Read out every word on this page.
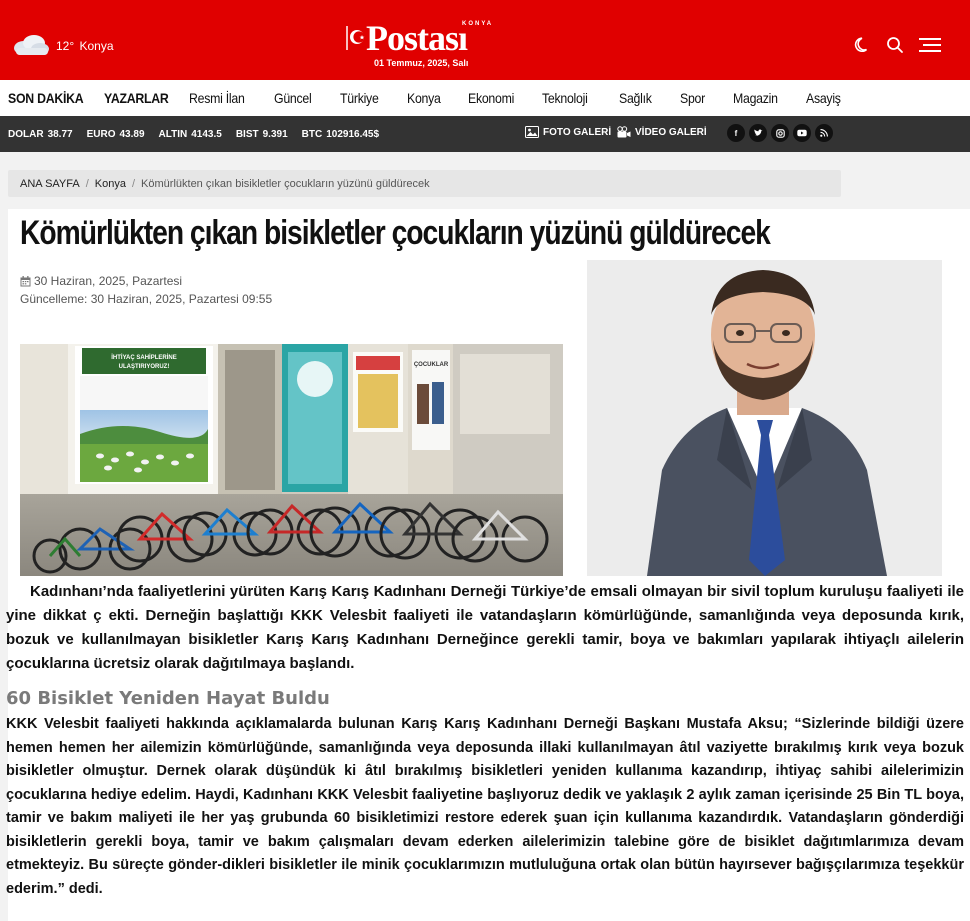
12° Konya	Postası
KONYA
01 Temmuz, 2025, Salı
SON DAKİKA YAZARLAR Resmi İlan Güncel Türkiye Konya Ekonomi Teknoloji Sağlık Spor Magazin Asayiş
DOLAR 38.77 EURO 43.89 ALTIN 4143.5 BIST 9.391 BTC 102916.45$	FOTO GALERİ VİDEO GALERİ	f
ANA SAYFA / Konya / Kömürlükten çıkan bisikletler çocukların yüzünü güldürecek
Kömürlükten çıkan bisikletler çocukların yüzünü güldürecek
30 Haziran, 2025, Pazartesi
Güncelleme: 30 Haziran, 2025, Pazartesi 09:55
İHTİYAÇ SAHİPLERİNE
ULAŞTIRIYORUZ!	ÇOCUKLAR

Kadınhanı’nda faaliyetlerini yürüten Karış Karış Kadınhanı Derneği Türkiye’de emsali olmayan bir sivil toplum kuruluşu faaliyeti ile yine dikkat ç ekti. Derneğin başlattığı KKK Velesbit faaliyeti ile vatandaşların kömürlüğünde, samanlığında veya deposunda kırık, bozuk ve kullanılmayan bisikletler Karış Karış Kadınhanı Derneğince gerekli tamir, boya ve bakımları yapılarak ihtiyaçlı ailelerin çocuklarına ücretsiz olarak dağıtılmaya başlandı.

60 Bisiklet Yeniden Hayat Buldu

KKK Velesbit faaliyeti hakkında açıklamalarda bulunan Karış Karış Kadınhanı Derneği Başkanı Mustafa Aksu; “Sizlerinde bildiği üzere hemen hemen her ailemizin kömürlüğünde, samanlığında veya deposunda illaki kullanılmayan âtıl vaziyette bırakılmış kırık veya bozuk bisikletler olmuştur. Dernek olarak düşündük ki âtıl bırakılmış bisikletleri yeniden kullanıma kazandırıp, ihtiyaç sahibi ailelerimizin çocuklarına hediye edelim. Haydi, Kadınhanı KKK Velesbit faaliyetine başlıyoruz dedik ve yaklaşık 2 aylık zaman içerisinde 25 Bin TL boya, tamir ve bakım maliyeti ile her yaş grubunda 60 bisikletimizi restore ederek şuan için kullanıma kazandırdık. Vatandaşların gönderdiği bisikletlerin gerekli boya, tamir ve bakım çalışmaları devam ederken ailelerimizin talebine göre de bisiklet dağıtımlarımıza devam etmekteyiz. Bu süreçte gönder-dikleri bisikletler ile minik çocuklarımızın mutluluğuna ortak olan bütün hayırsever bağışçılarımıza teşekkür ederim.” dedi.
